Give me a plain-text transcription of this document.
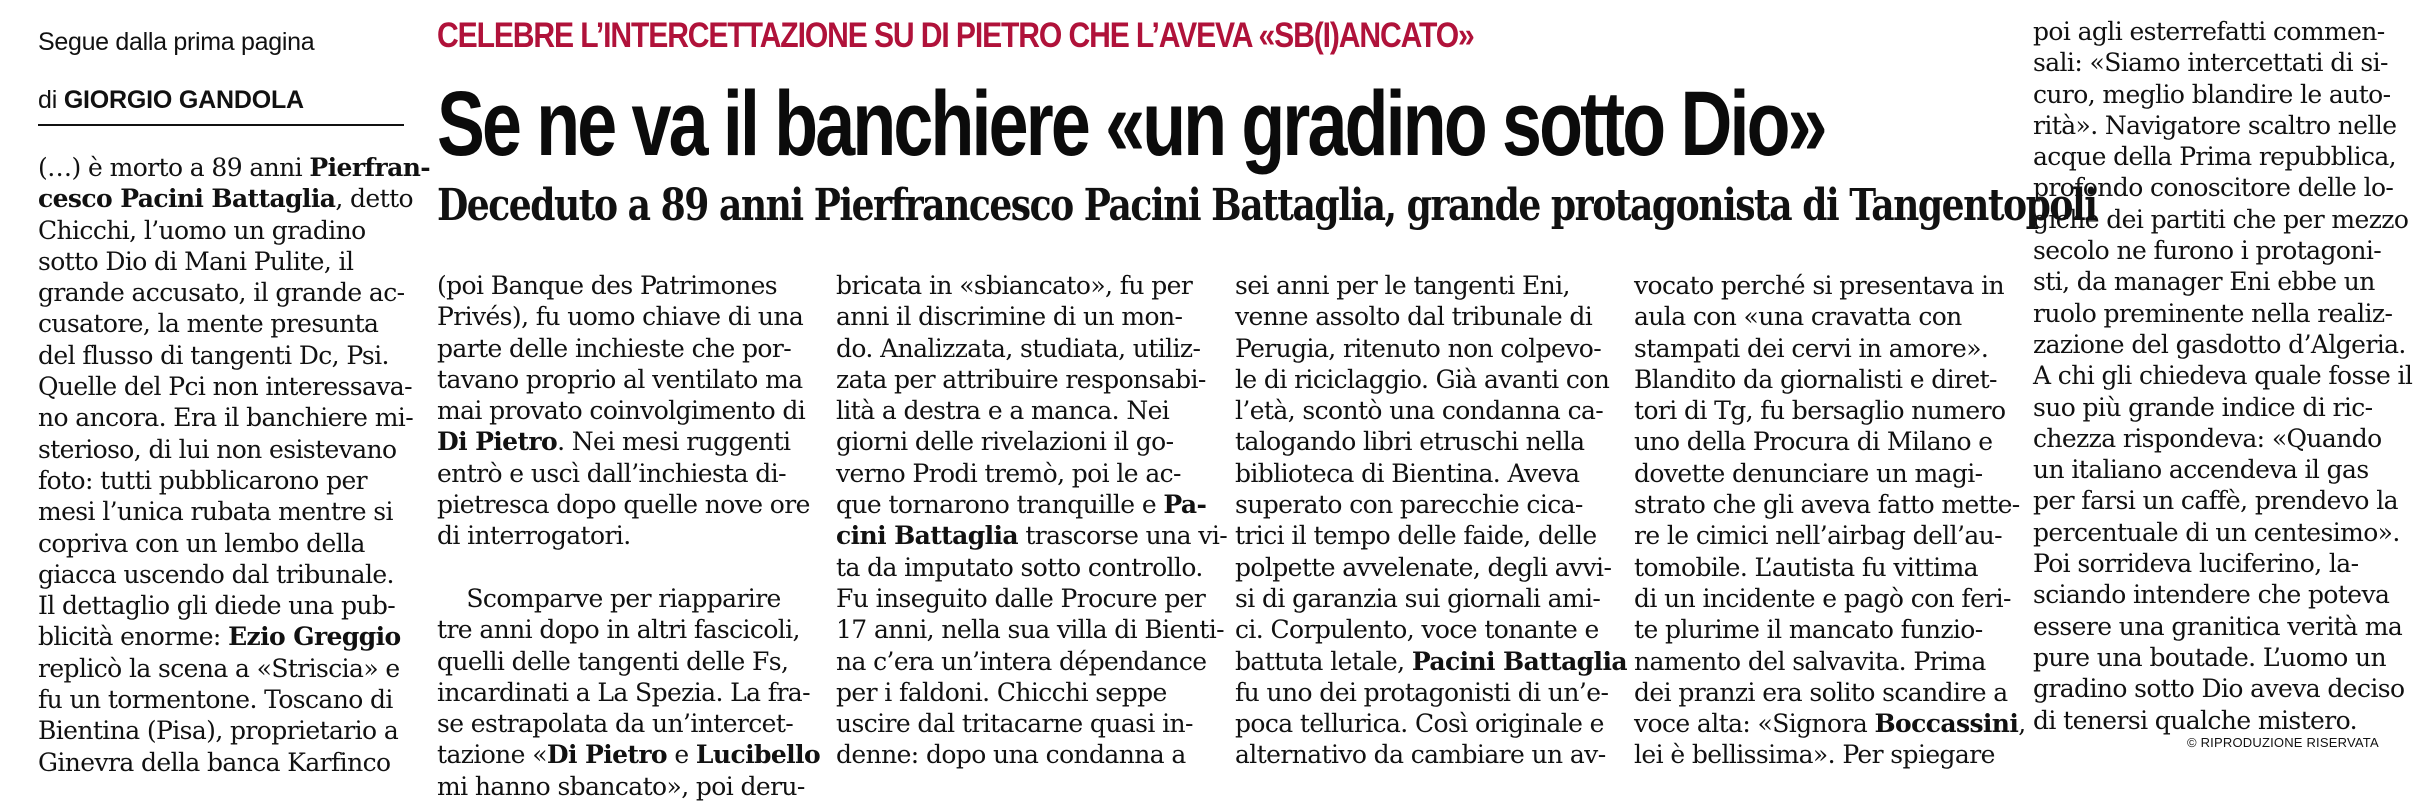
Segue dalla prima pagina
di GIORGIO GANDOLA
CELEBRE L’INTERCETTAZIONE SU DI PIETRO CHE L’AVEVA «SB(I)ANCATO»
Se ne va il banchiere «un gradino sotto Dio»
Deceduto a 89 anni Pierfrancesco Pacini Battaglia, grande protagonista di Tangentopoli
(…) è morto a 89 anni Pierfran-
cesco Pacini Battaglia, detto
Chicchi, l’uomo un gradino
sotto Dio di Mani Pulite, il
grande accusato, il grande ac-
cusatore, la mente presunta
del flusso di tangenti Dc, Psi.
Quelle del Pci non interessava-
no ancora. Era il banchiere mi-
sterioso, di lui non esistevano
foto: tutti pubblicarono per
mesi l’unica rubata mentre si
copriva con un lembo della
giacca uscendo dal tribunale.
Il dettaglio gli diede una pub-
blicità enorme: Ezio Greggio
replicò la scena a «Striscia» e
fu un tormentone. Toscano di
Bientina (Pisa), proprietario a
Ginevra della banca Karfinco
(poi Banque des Patrimones
Privés), fu uomo chiave di una
parte delle inchieste che por-
tavano proprio al ventilato ma
mai provato coinvolgimento di
Di Pietro. Nei mesi ruggenti
entrò e uscì dall’inchiesta di-
pietresca dopo quelle nove ore
di interrogatori.
Scomparve per riapparire
tre anni dopo in altri fascicoli,
quelli delle tangenti delle Fs,
incardinati a La Spezia. La fra-
se estrapolata da un’intercet-
tazione «Di Pietro e Lucibello
mi hanno sbancato», poi deru-
bricata in «sbiancato», fu per
anni il discrimine di un mon-
do. Analizzata, studiata, utiliz-
zata per attribuire responsabi-
lità a destra e a manca. Nei
giorni delle rivelazioni il go-
verno Prodi tremò, poi le ac-
que tornarono tranquille e Pa-
cini Battaglia trascorse una vi-
ta da imputato sotto controllo.
Fu inseguito dalle Procure per
17 anni, nella sua villa di Bienti-
na c’era un’intera dépendance
per i faldoni. Chicchi seppe
uscire dal tritacarne quasi in-
denne: dopo una condanna a
sei anni per le tangenti Eni,
venne assolto dal tribunale di
Perugia, ritenuto non colpevo-
le di riciclaggio. Già avanti con
l’età, scontò una condanna ca-
talogando libri etruschi nella
biblioteca di Bientina. Aveva
superato con parecchie cica-
trici il tempo delle faide, delle
polpette avvelenate, degli avvi-
si di garanzia sui giornali ami-
ci. Corpulento, voce tonante e
battuta letale, Pacini Battaglia
fu uno dei protagonisti di un’e-
poca tellurica. Così originale e
alternativo da cambiare un av-
vocato perché si presentava in
aula con «una cravatta con
stampati dei cervi in amore».
Blandito da giornalisti e diret-
tori di Tg, fu bersaglio numero
uno della Procura di Milano e
dovette denunciare un magi-
strato che gli aveva fatto mette-
re le cimici nell’airbag dell’au-
tomobile. L’autista fu vittima
di un incidente e pagò con feri-
te plurime il mancato funzio-
namento del salvavita. Prima
dei pranzi era solito scandire a
voce alta: «Signora Boccassini,
lei è bellissima». Per spiegare
poi agli esterrefatti commen-
sali: «Siamo intercettati di si-
curo, meglio blandire le auto-
rità». Navigatore scaltro nelle
acque della Prima repubblica,
profondo conoscitore delle lo-
giche dei partiti che per mezzo
secolo ne furono i protagoni-
sti, da manager Eni ebbe un
ruolo preminente nella realiz-
zazione del gasdotto d’Algeria.
A chi gli chiedeva quale fosse il
suo più grande indice di ric-
chezza rispondeva: «Quando
un italiano accendeva il gas
per farsi un caffè, prendevo la
percentuale di un centesimo».
Poi sorrideva luciferino, la-
sciando intendere che poteva
essere una granitica verità ma
pure una boutade. L’uomo un
gradino sotto Dio aveva deciso
di tenersi qualche mistero.
© RIPRODUZIONE RISERVATA
